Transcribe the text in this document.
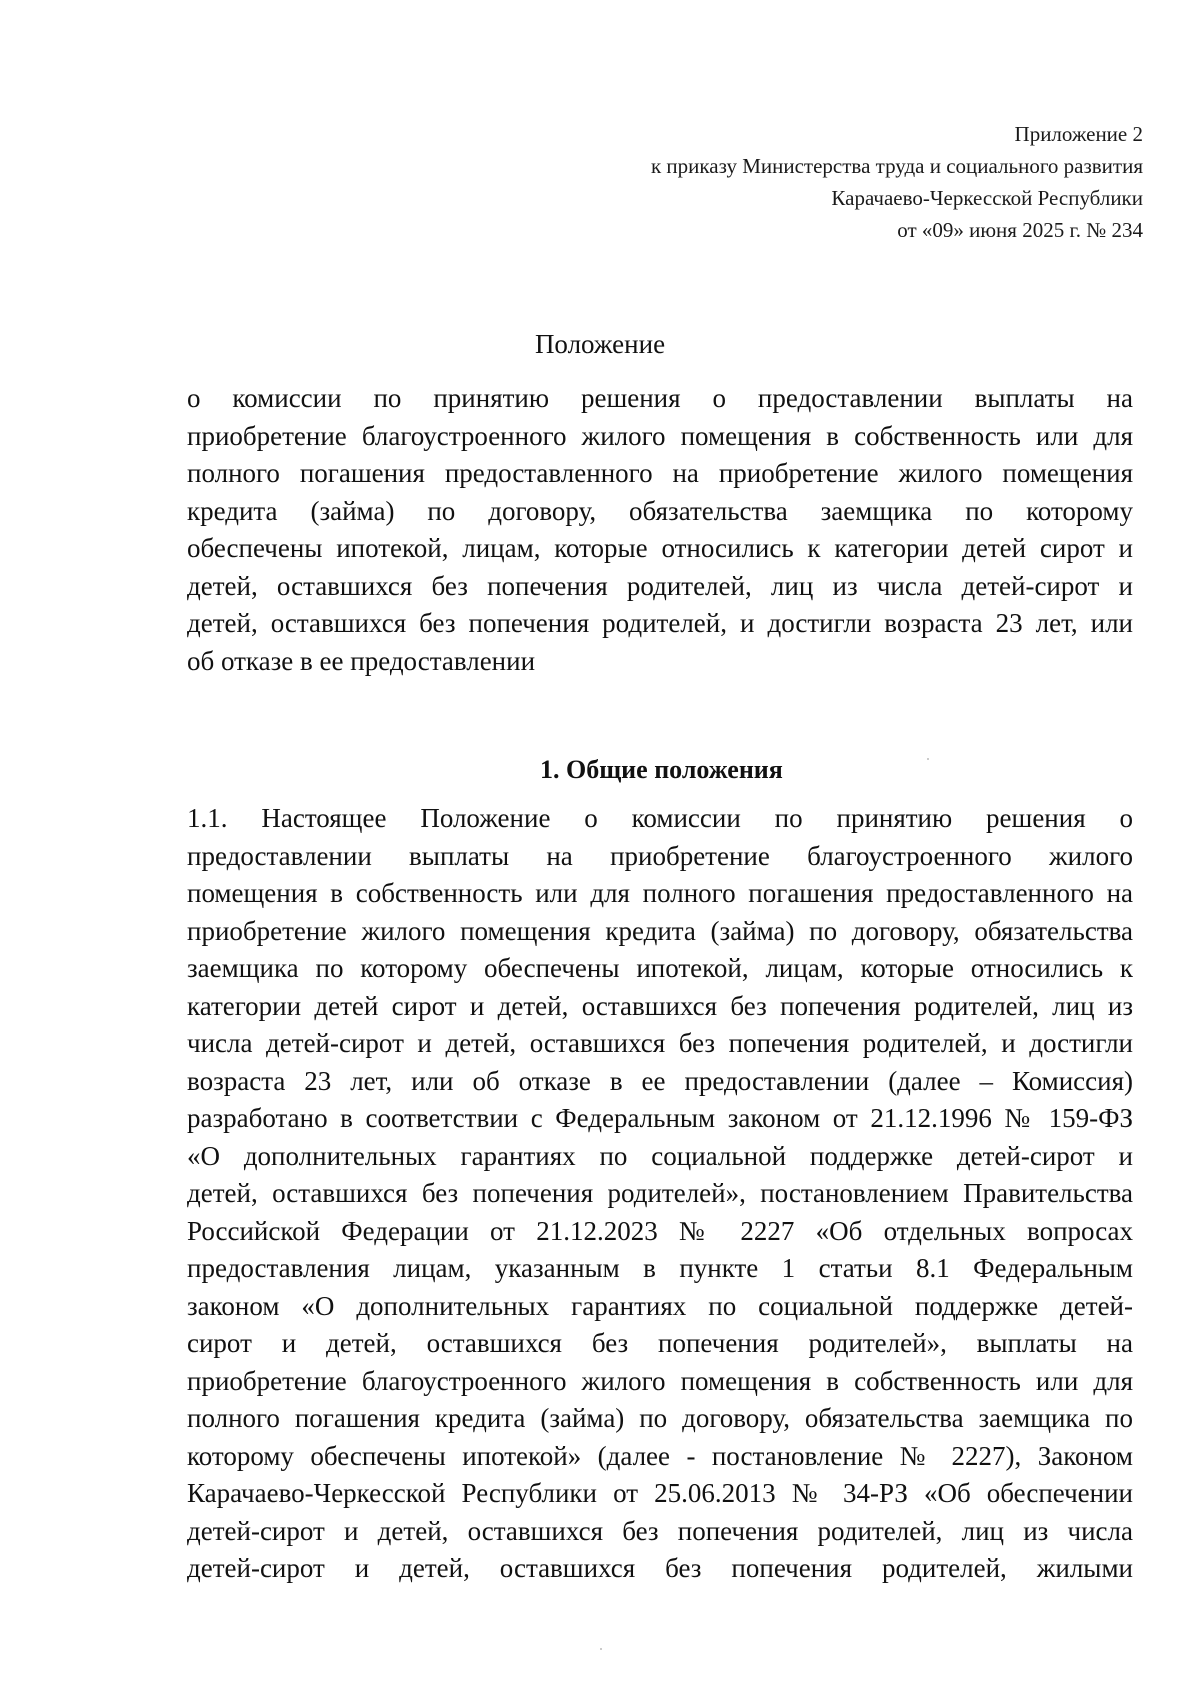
Приложение 2
к приказу Министерства труда и социального развития
Карачаево-Черкесской Республики
от «09» июня 2025 г. № 234
Положение
о комиссии по принятию решения о предоставлении выплаты на
приобретение благоустроенного жилого помещения в собственность или для
полного погашения предоставленного на приобретение жилого помещения
кредита (займа) по договору, обязательства заемщика по которому
обеспечены ипотекой, лицам, которые относились к категории детей сирот и
детей, оставшихся без попечения родителей, лиц из числа детей-сирот и
детей, оставшихся без попечения родителей, и достигли возраста 23 лет, или
об отказе в ее предоставлении
1. Общие положения
1.1. Настоящее Положение о комиссии по принятию решения о
предоставлении выплаты на приобретение благоустроенного жилого
помещения в собственность или для полного погашения предоставленного на
приобретение жилого помещения кредита (займа) по договору, обязательства
заемщика по которому обеспечены ипотекой, лицам, которые относились к
категории детей сирот и детей, оставшихся без попечения родителей, лиц из
числа детей-сирот и детей, оставшихся без попечения родителей, и достигли
возраста 23 лет, или об отказе в ее предоставлении (далее – Комиссия)
разработано в соответствии с Федеральным законом от 21.12.1996 № 159-ФЗ
«О дополнительных гарантиях по социальной поддержке детей-сирот и
детей, оставшихся без попечения родителей», постановлением Правительства
Российской Федерации от 21.12.2023 № 2227 «Об отдельных вопросах
предоставления лицам, указанным в пункте 1 статьи 8.1 Федеральным
законом «О дополнительных гарантиях по социальной поддержке детей-
сирот и детей, оставшихся без попечения родителей», выплаты на
приобретение благоустроенного жилого помещения в собственность или для
полного погашения кредита (займа) по договору, обязательства заемщика по
которому обеспечены ипотекой» (далее - постановление № 2227), Законом
Карачаево-Черкесской Республики от 25.06.2013 № 34-РЗ «Об обеспечении
детей-сирот и детей, оставшихся без попечения родителей, лиц из числа
детей-сирот и детей, оставшихся без попечения родителей, жилыми
